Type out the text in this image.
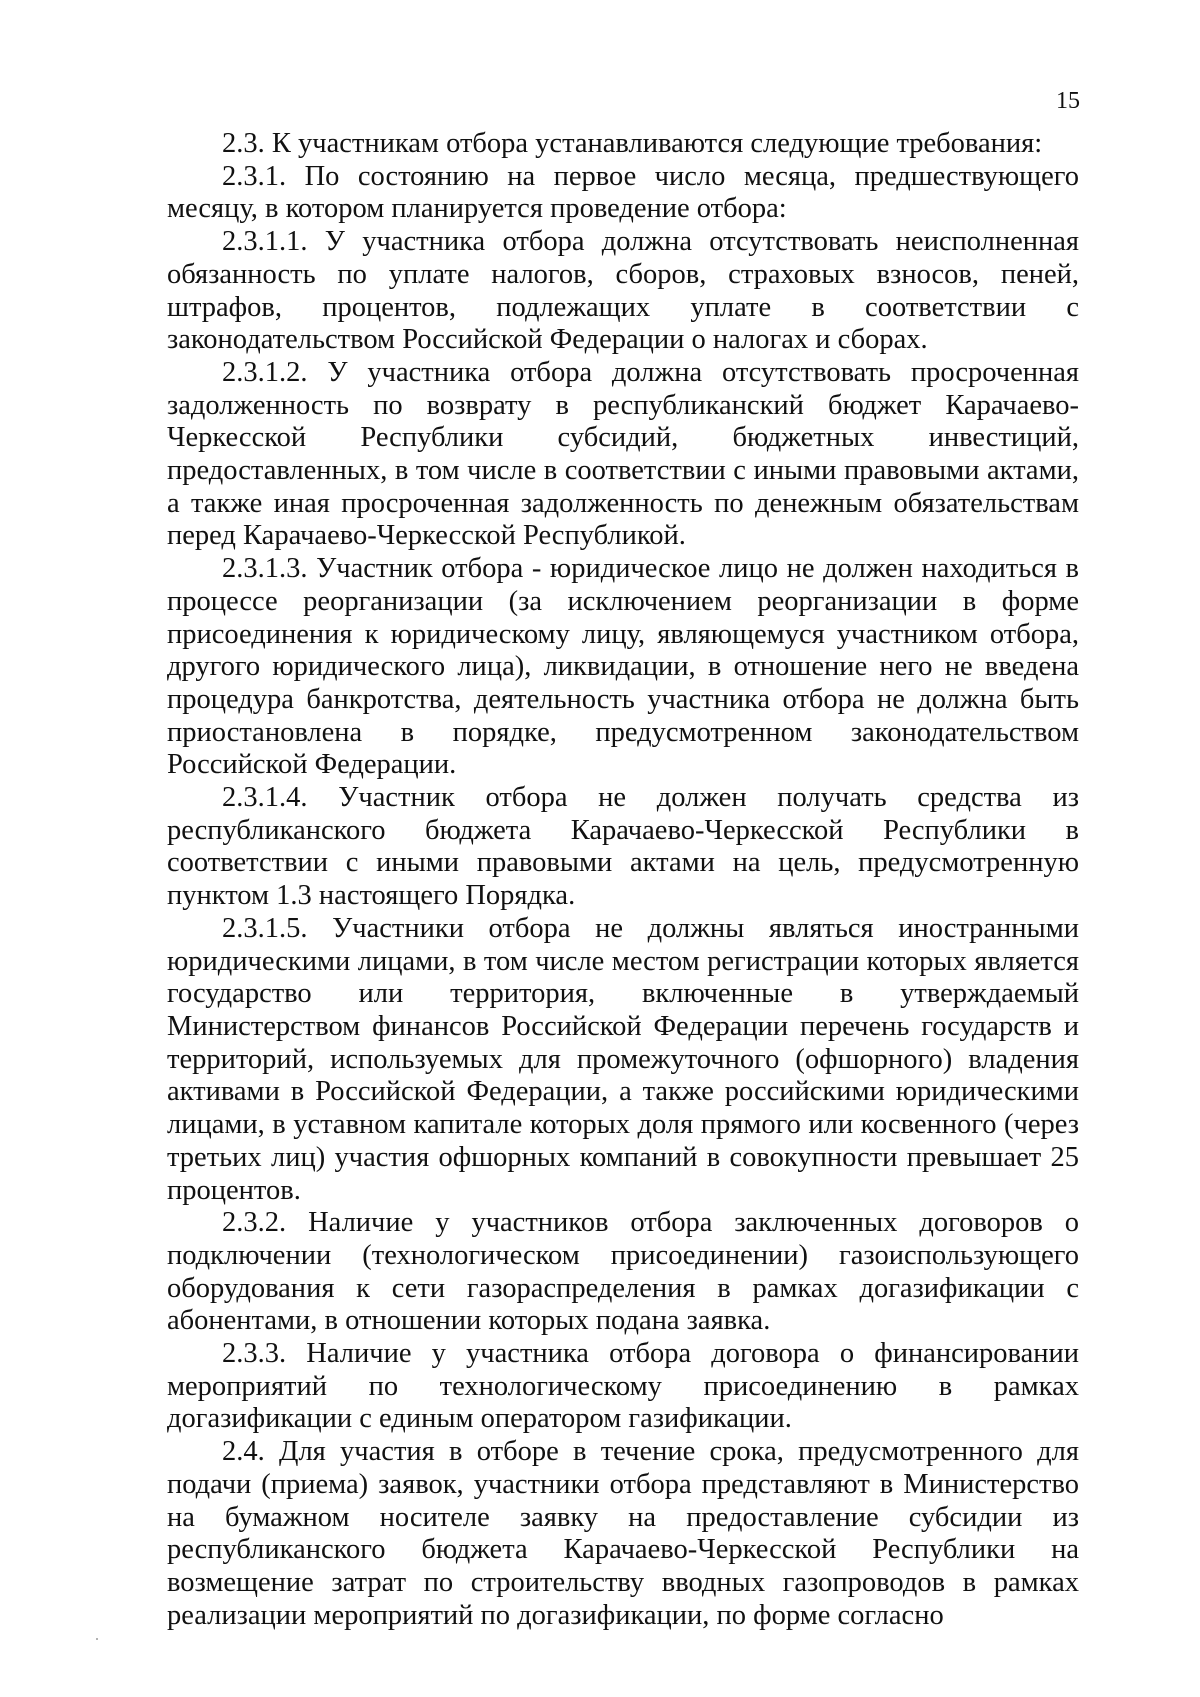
15

2.3. К участникам отбора устанавливаются следующие требования:

2.3.1. По состоянию на первое число месяца, предшествующего месяцу, в котором планируется проведение отбора:

2.3.1.1. У участника отбора должна отсутствовать неисполненная обязанность по уплате налогов, сборов, страховых взносов, пеней, штрафов, процентов, подлежащих уплате в соответствии с законодательством Российской Федерации о налогах и сборах.

2.3.1.2. У участника отбора должна отсутствовать просроченная задолженность по возврату в республиканский бюджет Карачаево-Черкесской Республики субсидий, бюджетных инвестиций, предоставленных, в том числе в соответствии с иными правовыми актами, а также иная просроченная задолженность по денежным обязательствам перед Карачаево-Черкесской Республикой.

2.3.1.3. Участник отбора - юридическое лицо не должен находиться в процессе реорганизации (за исключением реорганизации в форме присоединения к юридическому лицу, являющемуся участником отбора, другого юридического лица), ликвидации, в отношение него не введена процедура банкротства, деятельность участника отбора не должна быть приостановлена в порядке, предусмотренном законодательством Российской Федерации.

2.3.1.4. Участник отбора не должен получать средства из республиканского бюджета Карачаево-Черкесской Республики в соответствии с иными правовыми актами на цель, предусмотренную пунктом 1.3 настоящего Порядка.

2.3.1.5. Участники отбора не должны являться иностранными юридическими лицами, в том числе местом регистрации которых является государство или территория, включенные в утверждаемый Министерством финансов Российской Федерации перечень государств и территорий, используемых для промежуточного (офшорного) владения активами в Российской Федерации, а также российскими юридическими лицами, в уставном капитале которых доля прямого или косвенного (через третьих лиц) участия офшорных компаний в совокупности превышает 25 процентов.

2.3.2. Наличие у участников отбора заключенных договоров о подключении (технологическом присоединении) газоиспользующего оборудования к сети газораспределения в рамках догазификации с абонентами, в отношении которых подана заявка.

2.3.3. Наличие у участника отбора договора о финансировании мероприятий по технологическому присоединению в рамках догазификации с единым оператором газификации.

2.4. Для участия в отборе в течение срока, предусмотренного для подачи (приема) заявок, участники отбора представляют в Министерство на бумажном носителе заявку на предоставление субсидии из республиканского бюджета Карачаево-Черкесской Республики на возмещение затрат по строительству вводных газопроводов в рамках реализации мероприятий по догазификации, по форме согласно
